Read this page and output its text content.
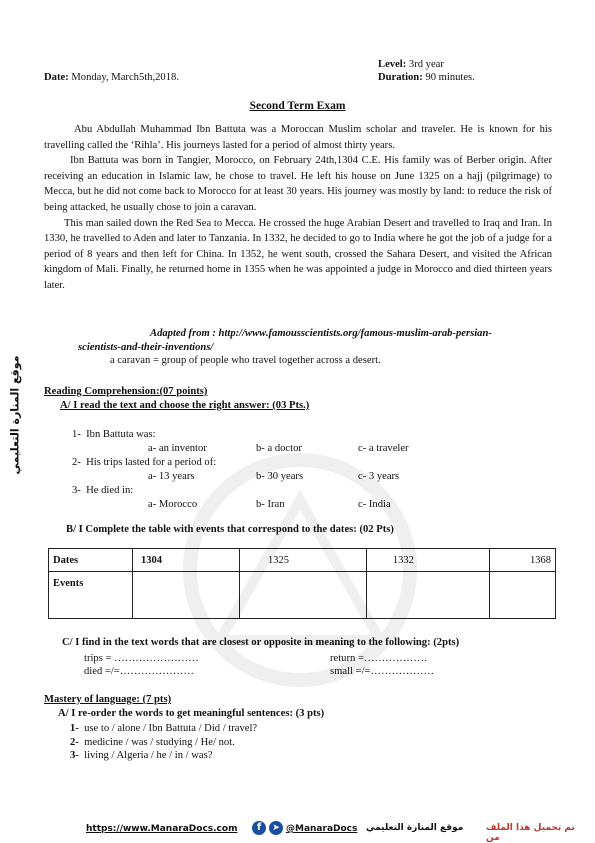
Level: 3rd year
Duration: 90 minutes.
Date: Monday, March5th,2018.
Second Term Exam

Abu Abdullah Muhammad Ibn Battuta was a Moroccan Muslim scholar and traveler. He is known for his travelling called the ‘Rihla’. His journeys lasted for a period of almost thirty years.

Ibn Battuta was born in Tangier, Morocco, on February 24th,1304 C.E. His family was of Berber origin. After receiving an education in Islamic law, he chose to travel. He left his house on June 1325 on a hajj (pilgrimage) to Mecca, but he did not come back to Morocco for at least 30 years. His journey was mostly by land: to reduce the risk of being attacked, he usually chose to join a caravan.

This man sailed down the Red Sea to Mecca. He crossed the huge Arabian Desert and travelled to Iraq and Iran. In 1330, he travelled to Aden and later to Tanzania. In 1332, he decided to go to India where he got the job of a judge for a period of 8 years and then left for China. In 1352, he went south, crossed the Sahara Desert, and visited the African kingdom of Mali. Finally, he returned home in 1355 when he was appointed a judge in Morocco and died thirteen years later.

Adapted from : http://www.famousscientists.org/famous-muslim-arab-persian-
scientists-and-their-inventions/
a caravan = group of people who travel together across a desert.
Reading Comprehension:(07 points)
A/ I read the text and choose the right answer: (03 Pts.)
1- Ibn Battuta was:
a- an inventor	b- a doctor	c- a traveler
2- His trips lasted for a period of:
a- 13 years	b- 30 years	c- 3 years
3- He died in:
a- Morocco	b- Iran	c- India
B/ I Complete the table with events that correspond to the dates: (02 Pts)
Dates	1304	1325	1332	1368
Events				
C/ I find in the text words that are closest or opposite in meaning to the following: (2pts)
trips = ……………………
died =/=…………………
return =………………
small =/=………………
Mastery of language: (7 pts)
A/ I re-order the words to get meaningful sentences: (3 pts)
1- use to / alone / Ibn Battuta / Did / travel?
2- medicine / was / studying / He/ not.
3- living / Algeria / he / in / was?
موقع المنارة التعليمي
https://www.ManaraDocs.com	f	➤ @ManaraDocs موقع المنارة التعليمي	تم تحميل هذا الملف من
